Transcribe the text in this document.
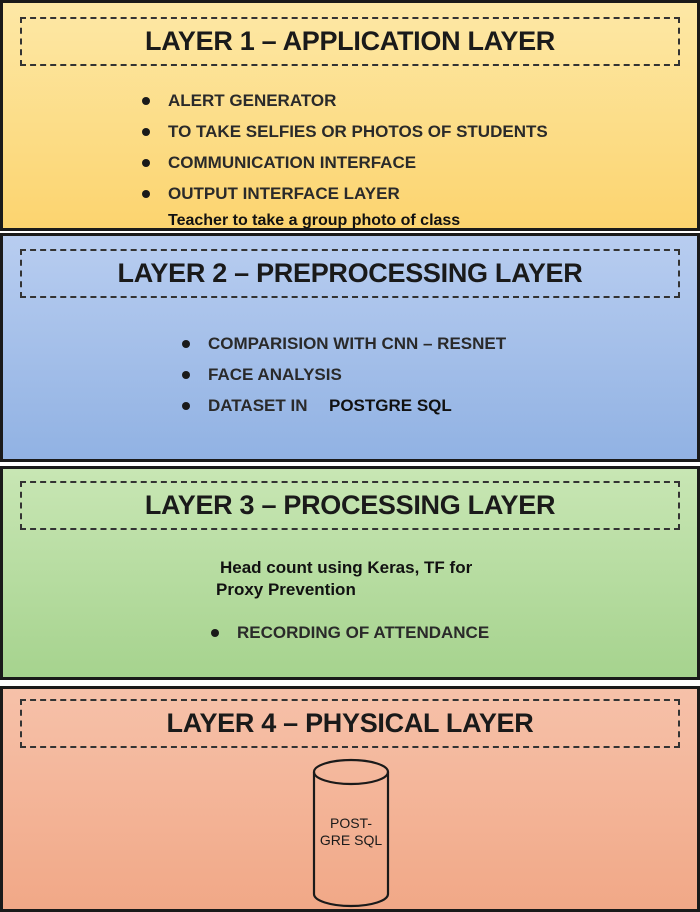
LAYER 1 – APPLICATION LAYER
ALERT GENERATOR
TO TAKE SELFIES OR PHOTOS OF STUDENTS
COMMUNICATION INTERFACE
OUTPUT INTERFACE LAYER
Teacher to take a group photo of class
LAYER 2 – PREPROCESSING LAYER
COMPARISION WITH CNN – RESNET
FACE ANALYSIS
DATASET IN	POSTGRE SQL
LAYER 3 – PROCESSING LAYER
Head count using Keras, TF for
Proxy Prevention
RECORDING OF ATTENDANCE
LAYER 4 – PHYSICAL LAYER
POST-
GRE SQL
